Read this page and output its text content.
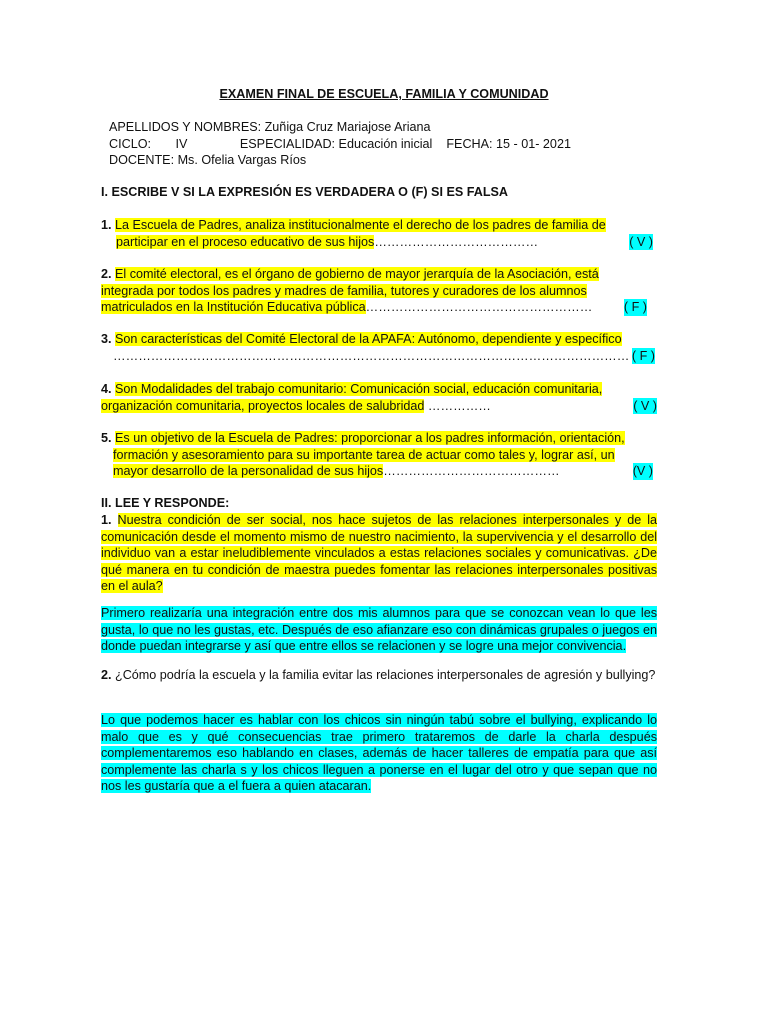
EXAMEN FINAL DE ESCUELA, FAMILIA Y COMUNIDAD
APELLIDOS Y NOMBRES: Zuñiga Cruz Mariajose Ariana
CICLO:       IV               ESPECIALIDAD: Educación inicial    FECHA: 15 - 01- 2021
DOCENTE: Ms. Ofelia Vargas Ríos
I. ESCRIBE V SI LA EXPRESIÓN ES VERDADERA O (F) SI ES FALSA
1. La Escuela de Padres, analiza institucionalmente el derecho de los padres de familia de
participar en el proceso educativo de sus hijos…………………………………	( V )
2. El comité electoral, es el órgano de gobierno de mayor jerarquía de la Asociación, está
integrada por todos los padres y madres de familia, tutores y curadores de los alumnos
matriculados en la Institución Educativa pública………………………………………………	( F )
3. Son características del Comité Electoral de la APAFA: Autónomo, dependiente y específico
…………………………………………………………………………………………………………… ( F )
4. Son Modalidades del trabajo comunitario: Comunicación social, educación comunitaria,
organización comunitaria, proyectos locales de salubridad ……………	( V )
5. Es un objetivo de la Escuela de Padres: proporcionar a los padres información, orientación,
formación y asesoramiento para su importante tarea de actuar como tales y, lograr así, un
mayor desarrollo de la personalidad de sus hijos……………………………………	(V )
II. LEE Y RESPONDE:
1. Nuestra condición de ser social, nos hace sujetos de las relaciones interpersonales y de la comunicación desde el momento mismo de nuestro nacimiento, la supervivencia y el desarrollo del individuo van a estar ineludiblemente vinculados a estas relaciones sociales y comunicativas. ¿De qué manera en tu condición de maestra puedes fomentar las relaciones interpersonales positivas en el aula?
Primero realizaría una integración entre dos mis alumnos para que se conozcan vean lo que les gusta, lo que no les gustas, etc. Después de eso afianzare eso con dinámicas grupales o juegos en donde puedan integrarse y así que entre ellos se relacionen y se logre una mejor convivencia.
2. ¿Cómo podría la escuela y la familia evitar las relaciones interpersonales de agresión y bullying?
Lo que podemos hacer es hablar con los chicos sin ningún tabú sobre el bullying, explicando lo malo que es y qué consecuencias trae primero trataremos de darle la charla después complementaremos eso hablando en clases, además de hacer talleres de empatía para que así complemente las charla s y los chicos lleguen a ponerse en el lugar del otro y que sepan que no nos les gustaría que a el fuera a quien atacaran.
